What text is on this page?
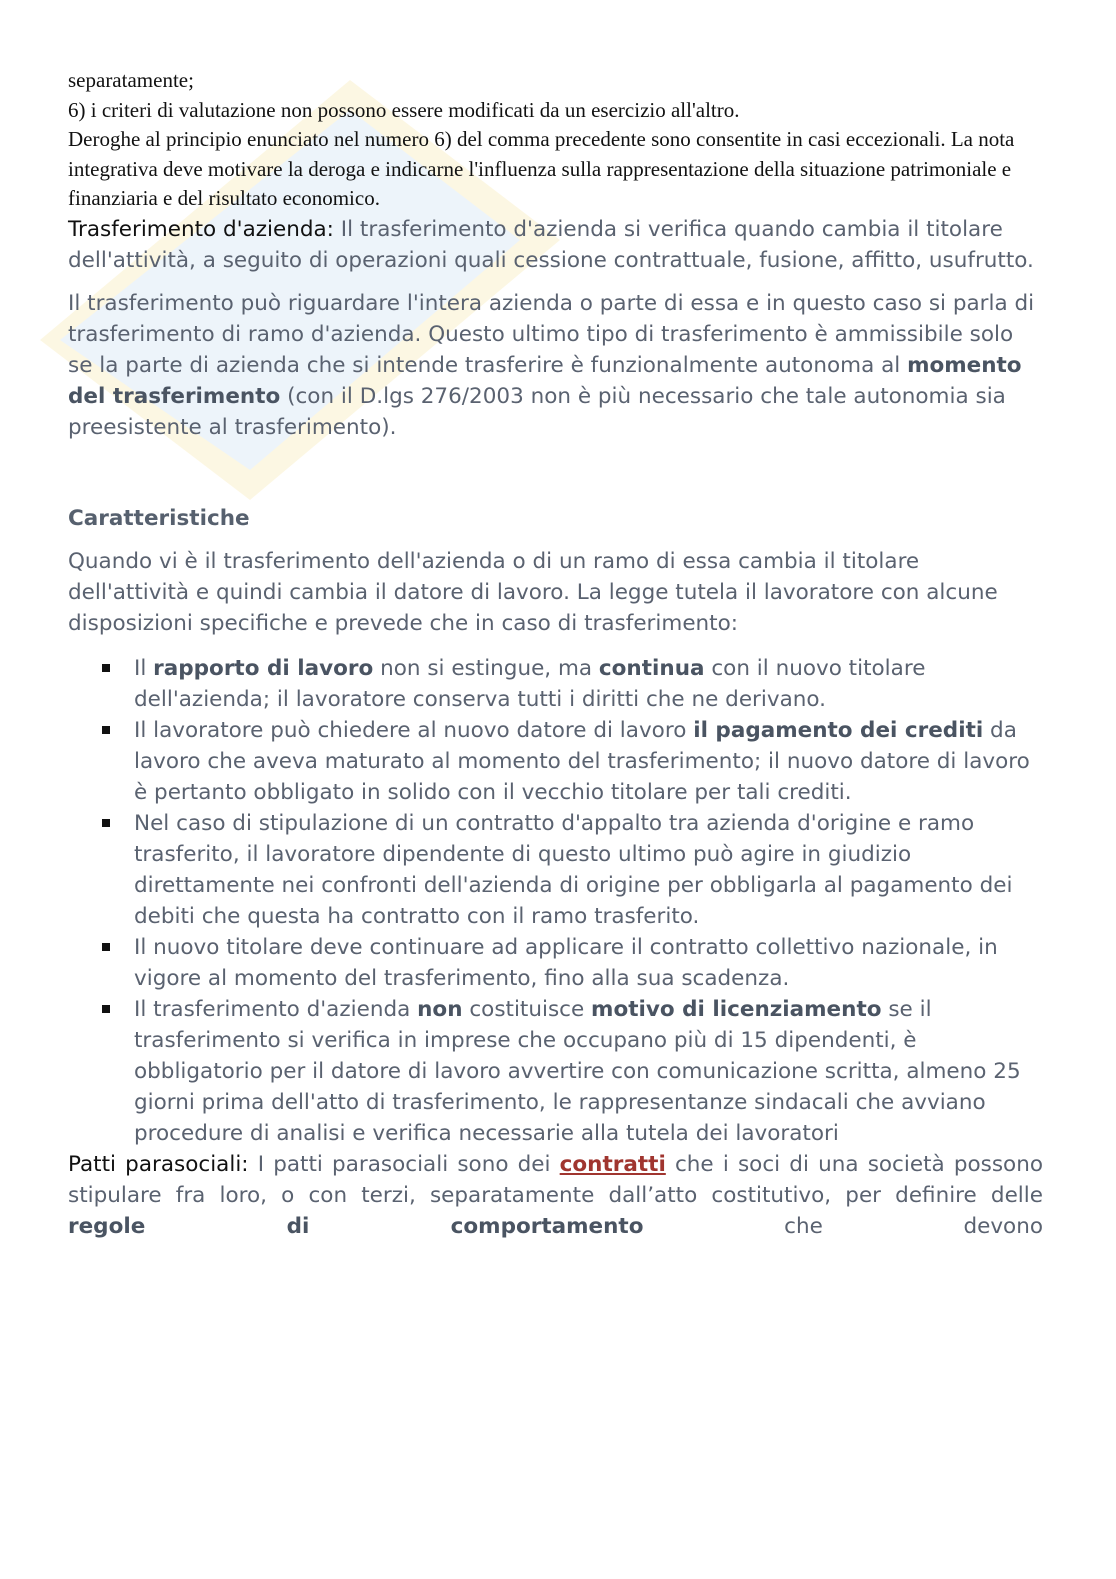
separatamente;

6) i criteri di valutazione non possono essere modificati da un esercizio all'altro.

Deroghe al principio enunciato nel numero 6) del comma precedente sono consentite in casi eccezionali. La nota integrativa deve motivare la deroga e indicarne l'influenza sulla rappresentazione della situazione patrimoniale e finanziaria e del risultato economico.

Trasferimento d'azienda: Il trasferimento d'azienda si verifica quando cambia il titolare dell'attività, a seguito di operazioni quali cessione contrattuale, fusione, affitto, usufrutto.

Il trasferimento può riguardare l'intera azienda o parte di essa e in questo caso si parla di trasferimento di ramo d'azienda. Questo ultimo tipo di trasferimento è ammissibile solo se la parte di azienda che si intende trasferire è funzionalmente autonoma al momento del trasferimento (con il D.lgs 276/2003 non è più necessario che tale autonomia sia preesistente al trasferimento).

Caratteristiche

Quando vi è il trasferimento dell'azienda o di un ramo di essa cambia il titolare dell'attività e quindi cambia il datore di lavoro. La legge tutela il lavoratore con alcune disposizioni specifiche e prevede che in caso di trasferimento:

Il rapporto di lavoro non si estingue, ma continua con il nuovo titolare dell'azienda; il lavoratore conserva tutti i diritti che ne derivano.
Il lavoratore può chiedere al nuovo datore di lavoro il pagamento dei crediti da lavoro che aveva maturato al momento del trasferimento; il nuovo datore di lavoro è pertanto obbligato in solido con il vecchio titolare per tali crediti.
Nel caso di stipulazione di un contratto d'appalto tra azienda d'origine e ramo trasferito, il lavoratore dipendente di questo ultimo può agire in giudizio direttamente nei confronti dell'azienda di origine per obbligarla al pagamento dei debiti che questa ha contratto con il ramo trasferito.
Il nuovo titolare deve continuare ad applicare il contratto collettivo nazionale, in vigore al momento del trasferimento, fino alla sua scadenza.
Il trasferimento d'azienda non costituisce motivo di licenziamento se il trasferimento si verifica in imprese che occupano più di 15 dipendenti, è obbligatorio per il datore di lavoro avvertire con comunicazione scritta, almeno 25 giorni prima dell'atto di trasferimento, le rappresentanze sindacali che avviano procedure di analisi e verifica necessarie alla tutela dei lavoratori

Patti parasociali: I patti parasociali sono dei contratti che i soci di una società possono stipulare fra loro, o con terzi, separatamente dall’atto costitutivo, per definire delle regole di comportamento che devono
